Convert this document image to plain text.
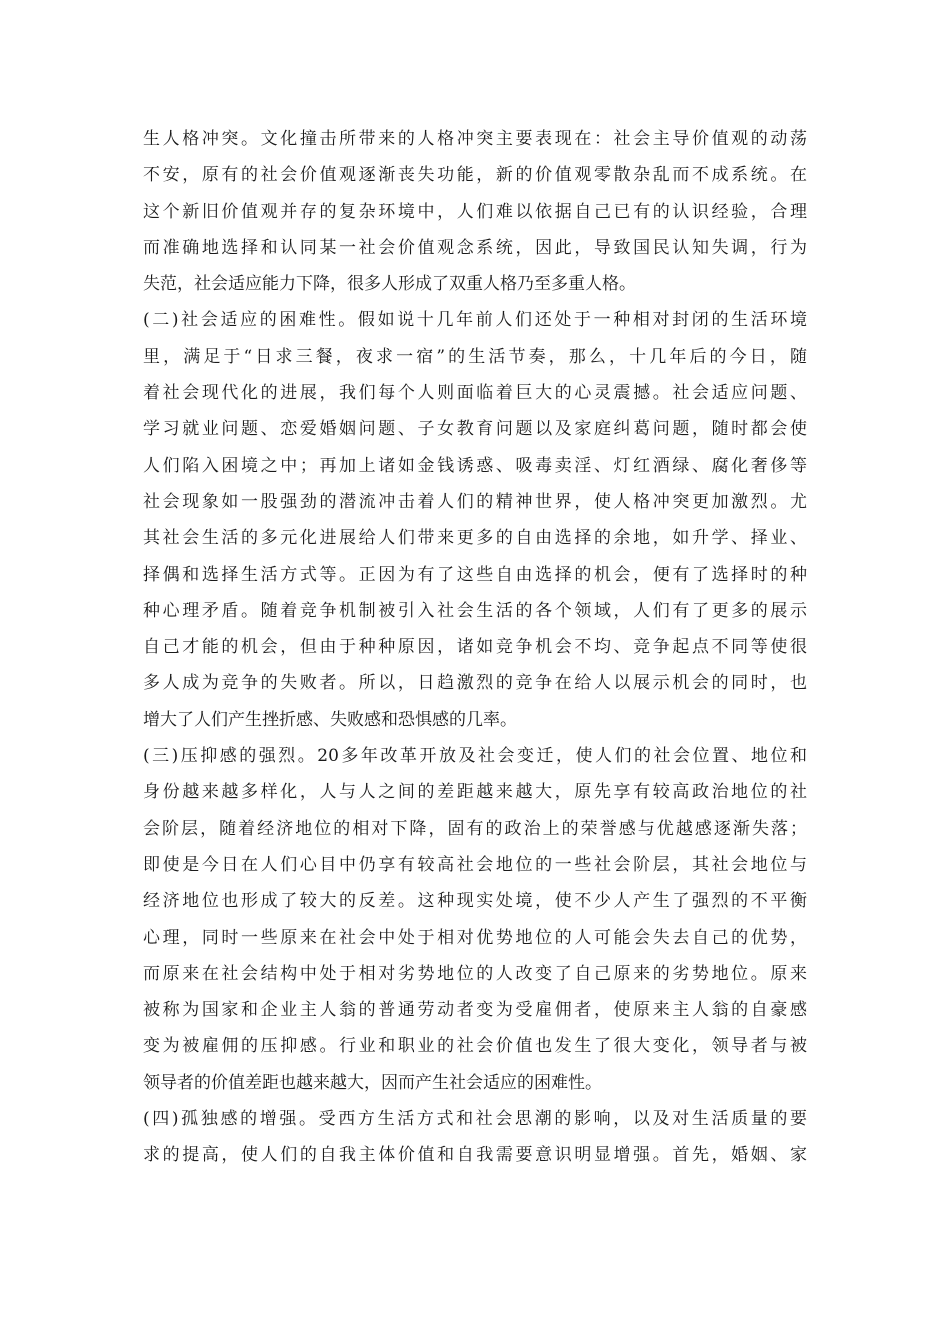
生人格冲突。文化撞击所带来的人格冲突主要表现在：社会主导价值观的动荡
不安，原有的社会价值观逐渐丧失功能，新的价值观零散杂乱而不成系统。在
这个新旧价值观并存的复杂环境中，人们难以依据自己已有的认识经验，合理
而准确地选择和认同某一社会价值观念系统，因此，导致国民认知失调，行为
失范，社会适应能力下降，很多人形成了双重人格乃至多重人格。
(二)社会适应的困难性。假如说十几年前人们还处于一种相对封闭的生活环境
里，满足于“日求三餐，夜求一宿”的生活节奏，那么，十几年后的今日，随
着社会现代化的进展，我们每个人则面临着巨大的心灵震撼。社会适应问题、
学习就业问题、恋爱婚姻问题、子女教育问题以及家庭纠葛问题，随时都会使
人们陷入困境之中；再加上诸如金钱诱惑、吸毒卖淫、灯红酒绿、腐化奢侈等
社会现象如一股强劲的潜流冲击着人们的精神世界，使人格冲突更加激烈。尤
其社会生活的多元化进展给人们带来更多的自由选择的余地，如升学、择业、
择偶和选择生活方式等。正因为有了这些自由选择的机会，便有了选择时的种
种心理矛盾。随着竞争机制被引入社会生活的各个领域，人们有了更多的展示
自己才能的机会，但由于种种原因，诸如竞争机会不均、竞争起点不同等使很
多人成为竞争的失败者。所以，日趋激烈的竞争在给人以展示机会的同时，也
增大了人们产生挫折感、失败感和恐惧感的几率。
(三)压抑感的强烈。20多年改革开放及社会变迁，使人们的社会位置、地位和
身份越来越多样化，人与人之间的差距越来越大，原先享有较高政治地位的社
会阶层，随着经济地位的相对下降，固有的政治上的荣誉感与优越感逐渐失落；
即使是今日在人们心目中仍享有较高社会地位的一些社会阶层，其社会地位与
经济地位也形成了较大的反差。这种现实处境，使不少人产生了强烈的不平衡
心理，同时一些原来在社会中处于相对优势地位的人可能会失去自己的优势，
而原来在社会结构中处于相对劣势地位的人改变了自己原来的劣势地位。原来
被称为国家和企业主人翁的普通劳动者变为受雇佣者，使原来主人翁的自豪感
变为被雇佣的压抑感。行业和职业的社会价值也发生了很大变化，领导者与被
领导者的价值差距也越来越大，因而产生社会适应的困难性。
(四)孤独感的增强。受西方生活方式和社会思潮的影响，以及对生活质量的要
求的提高，使人们的自我主体价值和自我需要意识明显增强。首先，婚姻、家
